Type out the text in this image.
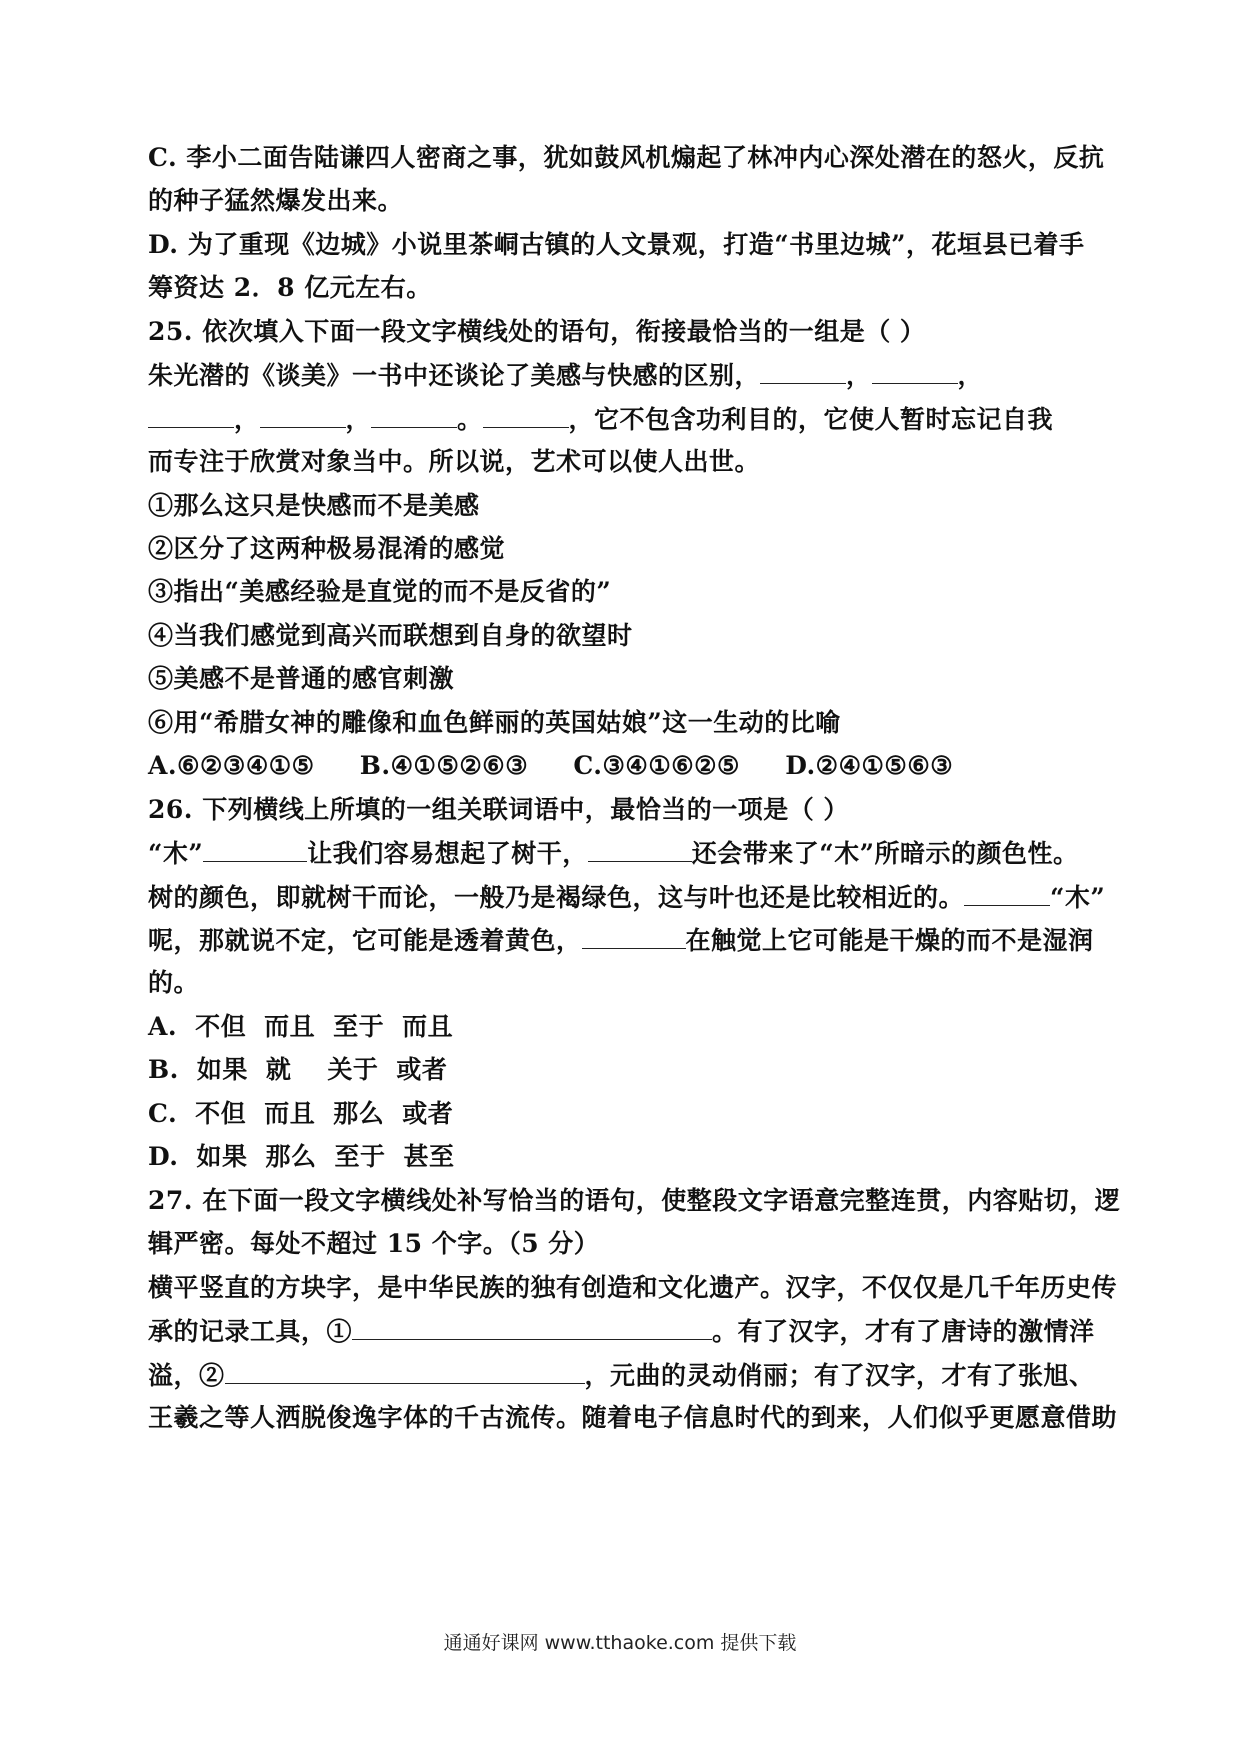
C. 李小二面告陆谦四人密商之事，犹如鼓风机煽起了林冲内心深处潜在的怒火，反抗
的种子猛然爆发出来。
D. 为了重现《边城》小说里茶峒古镇的人文景观，打造“书里边城”，花垣县已着手
筹资达 2．8 亿元左右。
25. 依次填入下面一段文字横线处的语句，衔接最恰当的一组是（ ）
朱光潜的《谈美》一书中还谈论了美感与快感的区别，	，	，
，	，	。	，它不包含功利目的，它使人暂时忘记自我
而专注于欣赏对象当中。所以说，艺术可以使人出世。
①那么这只是快感而不是美感
②区分了这两种极易混淆的感觉
③指出“美感经验是直觉的而不是反省的”
④当我们感觉到高兴而联想到自身的欲望时
⑤美感不是普通的感官刺激
⑥用“希腊女神的雕像和血色鲜丽的英国姑娘”这一生动的比喻
A.⑥②③④①⑤ B.④①⑤②⑥③ C.③④①⑥②⑤ D.②④①⑤⑥③
26. 下列横线上所填的一组关联词语中，最恰当的一项是（ ）
“木”	让我们容易想起了树干，	还会带来了“木”所暗示的颜色性。
树的颜色，即就树干而论，一般乃是褐绿色，这与叶也还是比较相近的。	“木”
呢，那就说不定，它可能是透着黄色，	在触觉上它可能是干燥的而不是湿润
的。
A. 不但 而且 至于 而且
B. 如果 就 关于 或者
C. 不但 而且 那么 或者
D. 如果 那么 至于 甚至
27. 在下面一段文字横线处补写恰当的语句，使整段文字语意完整连贯，内容贴切，逻
辑严密。每处不超过 15 个字。（5 分）
横平竖直的方块字，是中华民族的独有创造和文化遗产。汉字，不仅仅是几千年历史传
承的记录工具，①	。有了汉字，才有了唐诗的激情洋
溢，②	，元曲的灵动俏丽；有了汉字，才有了张旭、
王羲之等人洒脱俊逸字体的千古流传。随着电子信息时代的到来，人们似乎更愿意借助
通通好课网 www.tthaoke.com 提供下载
